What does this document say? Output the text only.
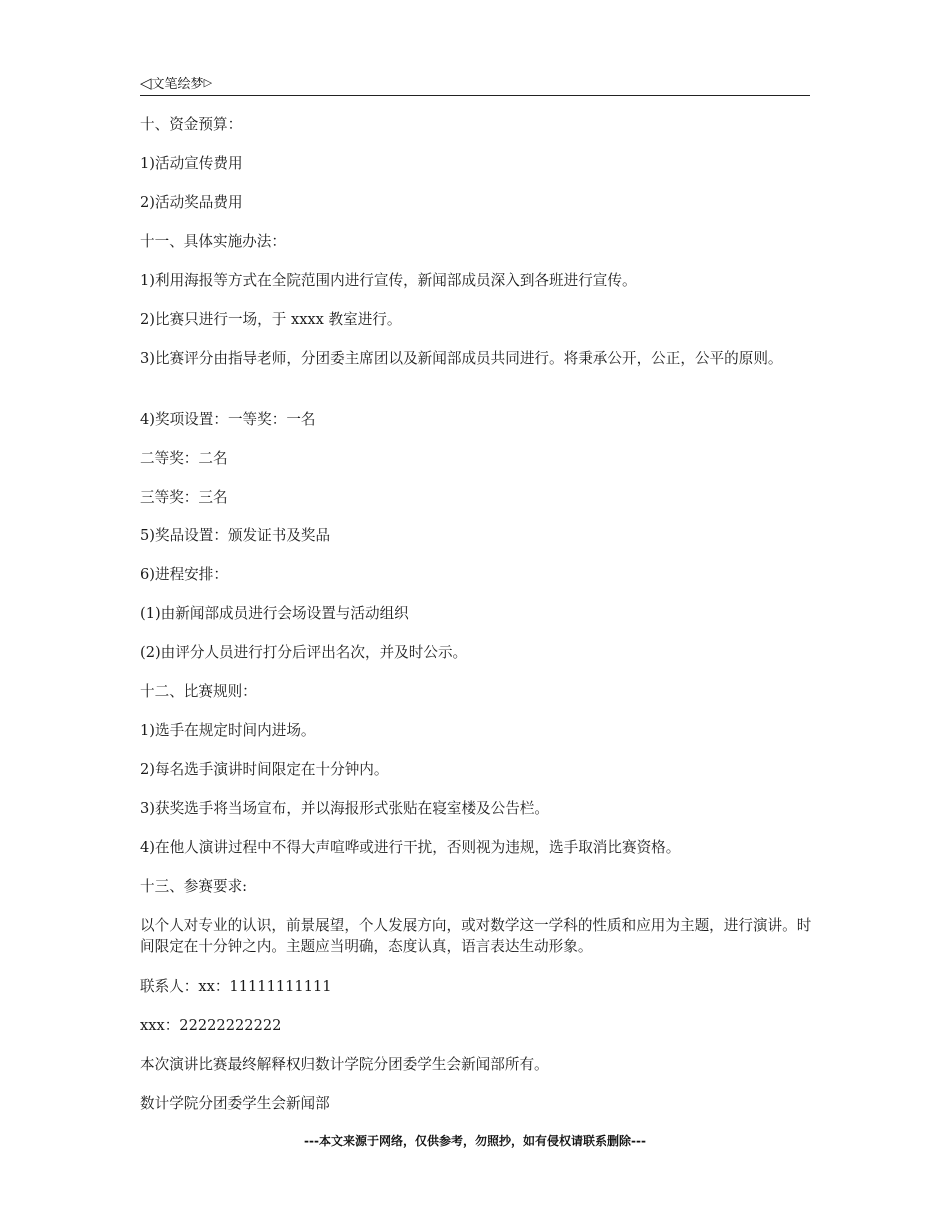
◁文笔绘梦▷
十、资金预算：
1)活动宣传费用
2)活动奖品费用
十一、具体实施办法：
1)利用海报等方式在全院范围内进行宣传，新闻部成员深入到各班进行宣传。
2)比赛只进行一场，于 xxxx 教室进行。
3)比赛评分由指导老师，分团委主席团以及新闻部成员共同进行。将秉承公开，公正，公平的原则。
4)奖项设置：一等奖：一名
二等奖：二名
三等奖：三名
5)奖品设置：颁发证书及奖品
6)进程安排：
(1)由新闻部成员进行会场设置与活动组织
(2)由评分人员进行打分后评出名次，并及时公示。
十二、比赛规则：
1)选手在规定时间内进场。
2)每名选手演讲时间限定在十分钟内。
3)获奖选手将当场宣布，并以海报形式张贴在寝室楼及公告栏。
4)在他人演讲过程中不得大声喧哗或进行干扰，否则视为违规，选手取消比赛资格。
十三、参赛要求:
以个人对专业的认识，前景展望，个人发展方向，或对数学这一学科的性质和应用为主题，进行演讲。时间限定在十分钟之内。主题应当明确，态度认真，语言表达生动形象。
联系人：xx：11111111111
xxx：22222222222
本次演讲比赛最终解释权归数计学院分团委学生会新闻部所有。
数计学院分团委学生会新闻部
---本文来源于网络，仅供参考，勿照抄，如有侵权请联系删除---
